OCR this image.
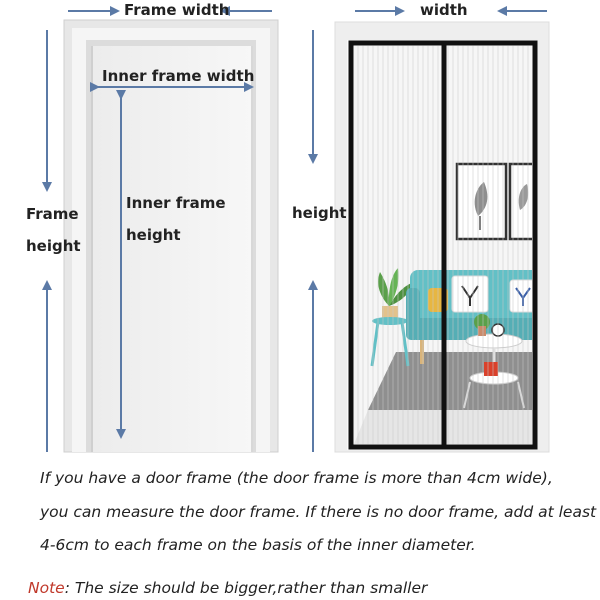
Frame width
Inner frame width
Frame
height
Inner frame
height
width
height
If you have a door frame (the door frame is more than 4cm wide),
you can measure the door frame. If there is no door frame, add at least
4-6cm to each frame on the basis of the inner diameter.
Note: The size should be bigger,rather than smaller
